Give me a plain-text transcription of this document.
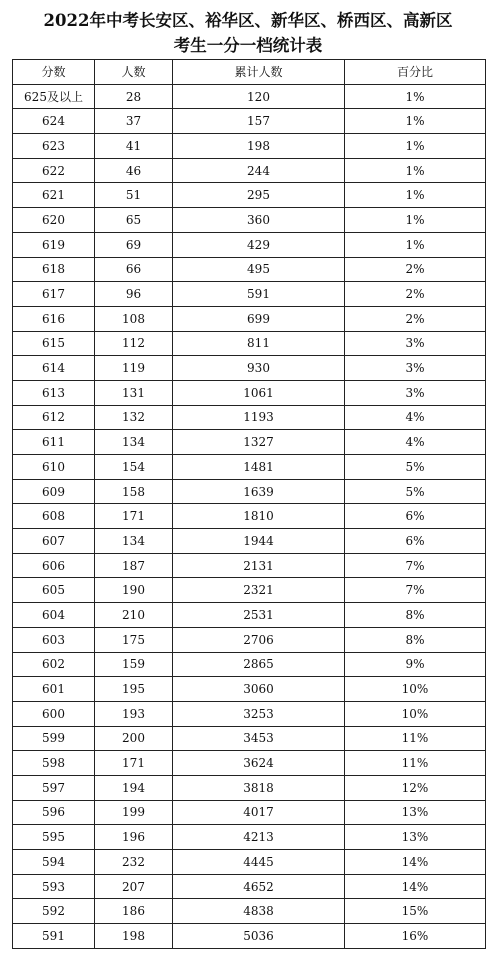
2022年中考长安区、裕华区、新华区、桥西区、高新区
考生一分一档统计表
分数	人数	累计人数	百分比
625及以上	28	120	1%
624	37	157	1%
623	41	198	1%
622	46	244	1%
621	51	295	1%
620	65	360	1%
619	69	429	1%
618	66	495	2%
617	96	591	2%
616	108	699	2%
615	112	811	3%
614	119	930	3%
613	131	1061	3%
612	132	1193	4%
611	134	1327	4%
610	154	1481	5%
609	158	1639	5%
608	171	1810	6%
607	134	1944	6%
606	187	2131	7%
605	190	2321	7%
604	210	2531	8%
603	175	2706	8%
602	159	2865	9%
601	195	3060	10%
600	193	3253	10%
599	200	3453	11%
598	171	3624	11%
597	194	3818	12%
596	199	4017	13%
595	196	4213	13%
594	232	4445	14%
593	207	4652	14%
592	186	4838	15%
591	198	5036	16%
